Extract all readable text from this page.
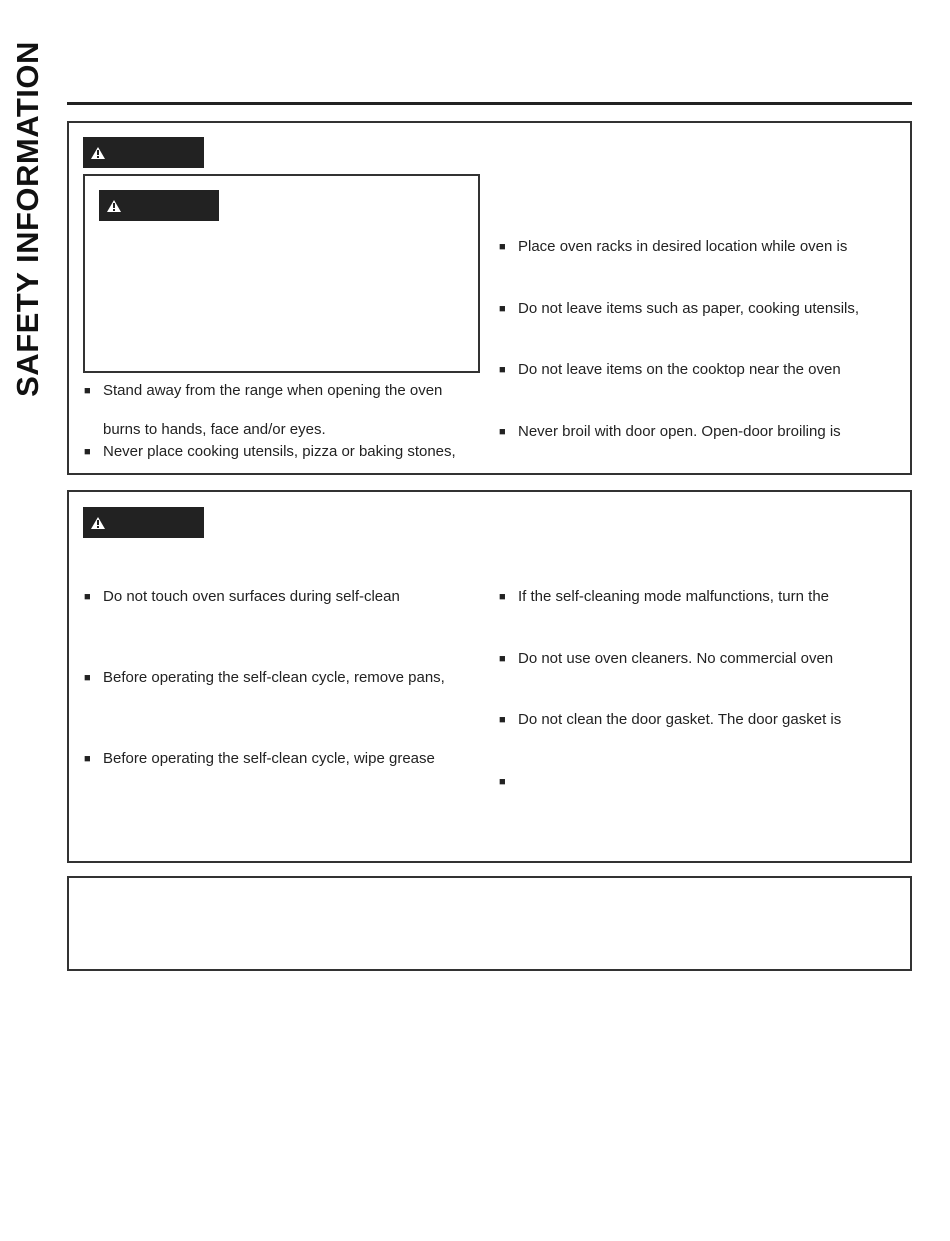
SAFETY INFORMATION	■ Stand away from the range when opening the oven
burns to hands, face and/or eyes.
■ Never place cooking utensils, pizza or baking stones,
■ Place oven racks in desired location while oven is
■ Do not leave items such as paper, cooking utensils,
■ Do not leave items on the cooktop near the oven
■ Never broil with door open. Open-door broiling is
■ Do not touch oven surfaces during self-clean
■ Before operating the self-clean cycle, remove pans,
■ Before operating the self-clean cycle, wipe grease
■ If the self-cleaning mode malfunctions, turn the
■ Do not use oven cleaners. No commercial oven
■ Do not clean the door gasket. The door gasket is
■
